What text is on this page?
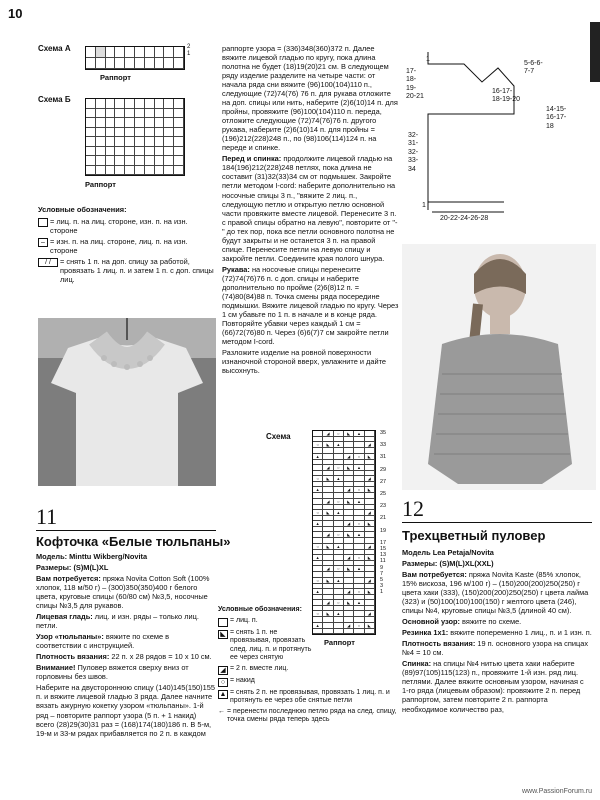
10
Схема А	2
1
Раппорт
Схема Б
Раппорт
Условные обозначения:
= лиц. п. на лиц. стороне, изн. п. на изн. стороне
– = изн. п. на лиц. стороне, лиц. п. на изн. стороне
/ /	= снять 1 п. на доп. спицу за работой, провязать 1 лиц. п. и затем 1 п. с доп. спицы лиц.
11
Кофточка «Белые тюльпаны»

Модель: Minttu Wikberg/Novita

Размеры: (S)M(L)XL

Вам потребуется: пряжа Novita Cotton Soft (100% хлопок, 118 м/50 г) – (300)350(350)400 г белого цвета, круговые спицы (60/80 см) №3,5, носочные спицы №3,5 для рукавов.

Лицевая гладь: лиц. и изн. ряды – только лиц. петли.

Узор «тюльпаны»: вяжите по схеме в соответствии с инструкцией.

Плотность вязания: 22 п. х 28 рядов = 10 х 10 см.

Внимание! Пуловер вяжется сверху вниз от горловины без швов.

Наберите на двустороннюю спицу (140)145(150)155 п. и вяжите лицевой гладью 3 ряда. Далее начните вязать ажурную кокетку узором «тюльпаны». 1-й ряд – повторите раппорт узора (5 п. + 1 накид) всего (28)29(30)31 раз = (168)174(180)186 п. В 5-м, 19-м и 33-м рядах прибавляется по 2 п. в каждом

раппорте узора = (336)348(360)372 п. Далее вяжите лицевой гладью по кругу, пока длина полотна не будет (18)19(20)21 см. В следующем ряду изделие разделите на четыре части: от начала ряда сни вяжите (96)100(104)110 п., следующие (72)74(76) 76 п. для рукава отложите на доп. спицы или нить, наберите (2)6(10)14 п. для пройны, провяжите (96)100(104)110 п. переда, отложите следующие (72)74(76)76 п. другого рукава, наберите (2)6(10)14 п. для пройны = (196)212(228)248 п., по (98)106(114)124 п. на переде и спинке.

Перед и спинка: продолжите лицевой гладью на 184(196)212(228)248 петлях, пока длина не составит (31)32(33)34 см от подмышек. Закройте петли методом I-cord: наберите дополнительно на носочные спицы 3 п., "вяжите 2 лиц. п., следующую петлю и открытую петлю основной части провяжите вместе лицевой. Перенесите 3 п. с правой спицы обратно на левую", повторите от "-" до тех пор, пока все петли основного полотна не будут закрыты и не останется 3 п. на правой спице. Перенесите петли на левую спицу и закройте петли. Соедините края полого шнура.

Рукава: на носочные спицы перенесите (72)74(76)76 п. с доп. спицы и наберите дополнительно по пройме (2)6(8)12 п. = (74)80(84)88 п. Точка смены ряда посередине подмышки. Вяжите лицевой гладью по кругу. Через 1 см убавьте по 1 п. в начале и в конце ряда. Повторяйте убавки через каждый 1 см = (66)72(76)80 п. Через (6)6(7)7 см закройте петли методом I-cord.

Разложите изделие на ровной поверхности изнаночной стороной вверх, увлажните и дайте высохнуть.

Схема	◢	○	◣	▲
○	◣	▲	◢
▲	◢	○	◣
◢	○	◣	▲
○	◣	▲	◢
▲	◢	○	◣
◢	○	◣	▲
○	◣	▲	◢
▲	◢	○	◣
◢	○	◣	▲
○	◣	▲	◢
▲	◢	○	◣
◢	○	◣	▲
○	◣	▲	◢
▲	◢	○	◣
◢	○	◣	▲
○	◣	▲	◢
▲	◢	○	◣
35
33
31
29
27
25
23
21
19
17
15
13
11
9
7
5
3
1
Раппорт
Условные обозначения:
= лиц. п.
◣ = снять 1 п. не провязывая, провязать след. лиц. п. и протянуть ее через снятую
◢ = 2 п. вместе лиц.
○ = накид
▲ = снять 2 п. не провязывая, провязать 1 лиц. п. и протянуть ее через обе снятые петли
← = перенести последнюю петлю ряда на след. спицу, точка смены ряда теперь здесь
1
17-18-19-20-21
5-6-6-7-7
16-17-18-19-20
14-15-16-17-18
32-31-32-33-34
1
20-22-24-26-28
12
Трехцветный пуловер

Модель Lea Petaja/Novita

Размеры: (S)M(L)XL(XXL)

Вам потребуется: пряжа Novita Kaste (85% хлопок, 15% вискоза, 196 м/100 г) – (150)200(200)250(250) г цвета хаки (333), (150)200(200)250(250) г цвета лайма (323) и (50)100(100)100(150) г желтого цвета (246), спицы №4, круговые спицы №3,5 (длиной 40 см).

Основной узор: вяжите по схеме.

Резинка 1х1: вяжите попеременно 1 лиц., п. и 1 изн. п.

Плотность вязания: 19 п. основного узора на спицах №4 = 10 см.

Спинка: на спицы №4 нитью цвета хаки наберите (89)97(105)115(123) п., провяжите 1-й изн. ряд лиц. петлями. Далее вяжите основным узором, начиная с 1-го ряда (лицевым образом): провяжите 2 п. перед раппортом, затем повторите 2 п. раппорта необходимое количество раз,

www.PassionForum.ru
